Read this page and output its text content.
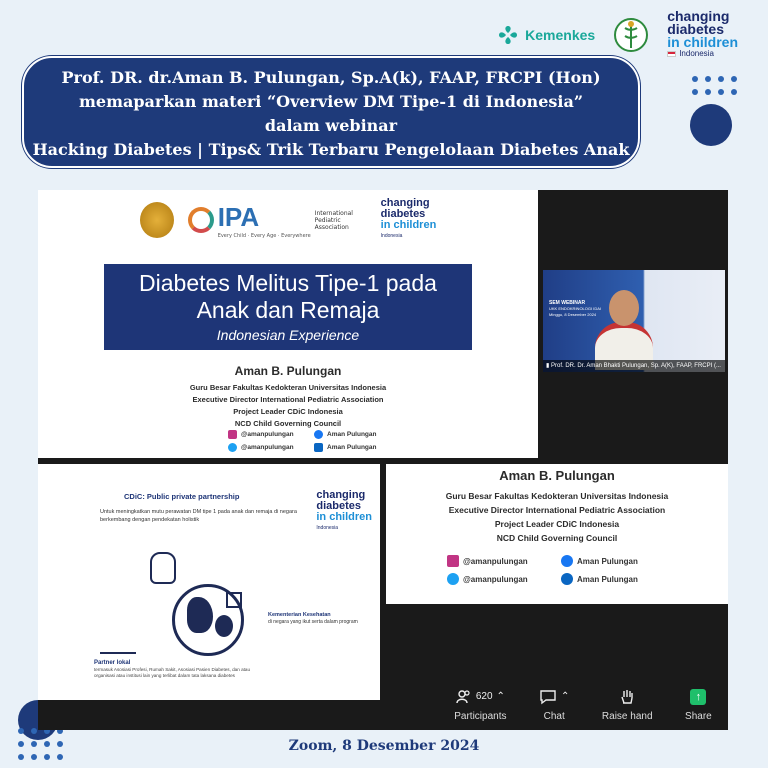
Kemenkes
changing
diabetes
in children
Indonesia
Prof. DR. dr.Aman B. Pulungan, Sp.A(k), FAAP, FRCPI (Hon)
memaparkan materi “Overview DM Tipe-1 di Indonesia”
dalam webinar
Hacking Diabetes | Tips& Trik Terbaru Pengelolaan Diabetes Anak
IPA
Every Child · Every Age · Everywhere
International Pediatric Association
changing
diabetes
in children
Indonesia
Diabetes Melitus Tipe-1 pada
Anak dan Remaja
Indonesian Experience
Aman B. Pulungan
Guru Besar Fakultas Kedokteran Universitas Indonesia
Executive Director International Pediatric Association
Project Leader CDiC Indonesia
NCD Child Governing Council
@amanpulungan	Aman Pulungan
@amanpulungan	Aman Pulungan
SEM WEBINAR
UKK ENDOKRINOLOGI IDAI
Minggu, 8 Desember 2024
▮ Prof. DR. Dr. Aman Bhakti Pulungan, Sp. A(K), FAAP, FRCPI (...
CDiC: Public private partnership
Untuk meningkatkan mutu perawatan DM tipe 1 pada anak dan remaja di negara berkembang dengan pendekatan holistik
changing
diabetes
in children
Indonesia
Kementerian Kesehatan
di negara yang ikut serta dalam program
Partner lokal
termasuk Asosiasi Profesi, Rumah Sakit, Asosiasi Pasien Diabetes, dan atau organisasi atau institusi lain yang terlibat dalam tata laksana diabetes
Aman B. Pulungan
Guru Besar Fakultas Kedokteran Universitas Indonesia
Executive Director International Pediatric Association
Project Leader CDiC Indonesia
NCD Child Governing Council
@amanpulungan	Aman Pulungan
@amanpulungan	Aman Pulungan
620 ⌃
Participants
⌃
Chat	Raise hand
↑
Share
Zoom, 8 Desember 2024
